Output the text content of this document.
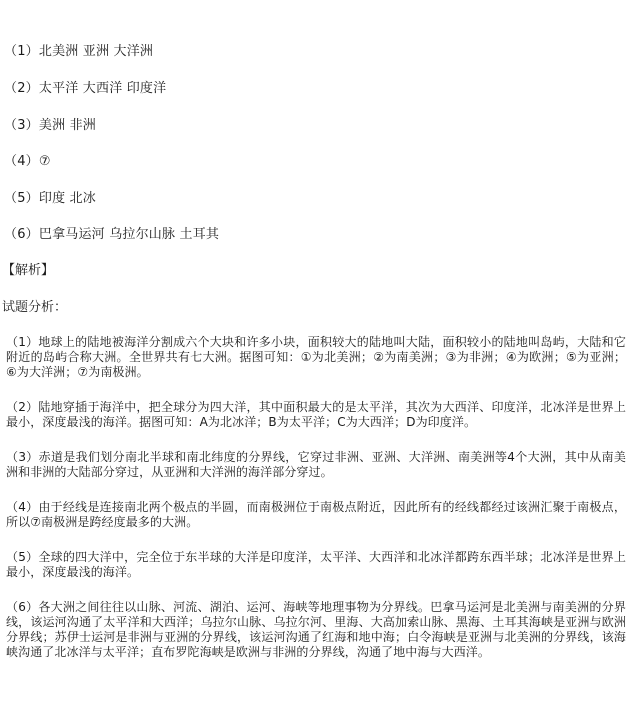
（1）北美洲 亚洲 大洋洲
（2）太平洋 大西洋 印度洋
（3）美洲 非洲
（4）⑦
（5）印度 北冰
（6）巴拿马运河 乌拉尔山脉 土耳其
【解析】
试题分析：
（1）地球上的陆地被海洋分割成六个大块和许多小块，面积较大的陆地叫大陆，面积较小的陆地叫岛屿，大陆和它附近的岛屿合称大洲。全世界共有七大洲。据图可知：①为北美洲；②为南美洲；③为非洲；④为欧洲；⑤为亚洲；⑥为大洋洲；⑦为南极洲。
（2）陆地穿插于海洋中，把全球分为四大洋，其中面积最大的是太平洋，其次为大西洋、印度洋，北冰洋是世界上最小，深度最浅的海洋。据图可知：A为北冰洋；B为太平洋；C为大西洋；D为印度洋。
（3）赤道是我们划分南北半球和南北纬度的分界线，它穿过非洲、亚洲、大洋洲、南美洲等4个大洲，其中从南美洲和非洲的大陆部分穿过，从亚洲和大洋洲的海洋部分穿过。
（4）由于经线是连接南北两个极点的半圆，而南极洲位于南极点附近，因此所有的经线都经过该洲汇聚于南极点，所以⑦南极洲是跨经度最多的大洲。
（5）全球的四大洋中，完全位于东半球的大洋是印度洋，太平洋、大西洋和北冰洋都跨东西半球；北冰洋是世界上最小，深度最浅的海洋。
（6）各大洲之间往往以山脉、河流、湖泊、运河、海峡等地理事物为分界线。巴拿马运河是北美洲与南美洲的分界线，该运河沟通了太平洋和大西洋；乌拉尔山脉、乌拉尔河、里海、大高加索山脉、黑海、土耳其海峡是亚洲与欧洲分界线；苏伊士运河是非洲与亚洲的分界线，该运河沟通了红海和地中海；白令海峡是亚洲与北美洲的分界线，该海峡沟通了北冰洋与太平洋；直布罗陀海峡是欧洲与非洲的分界线，沟通了地中海与大西洋。
